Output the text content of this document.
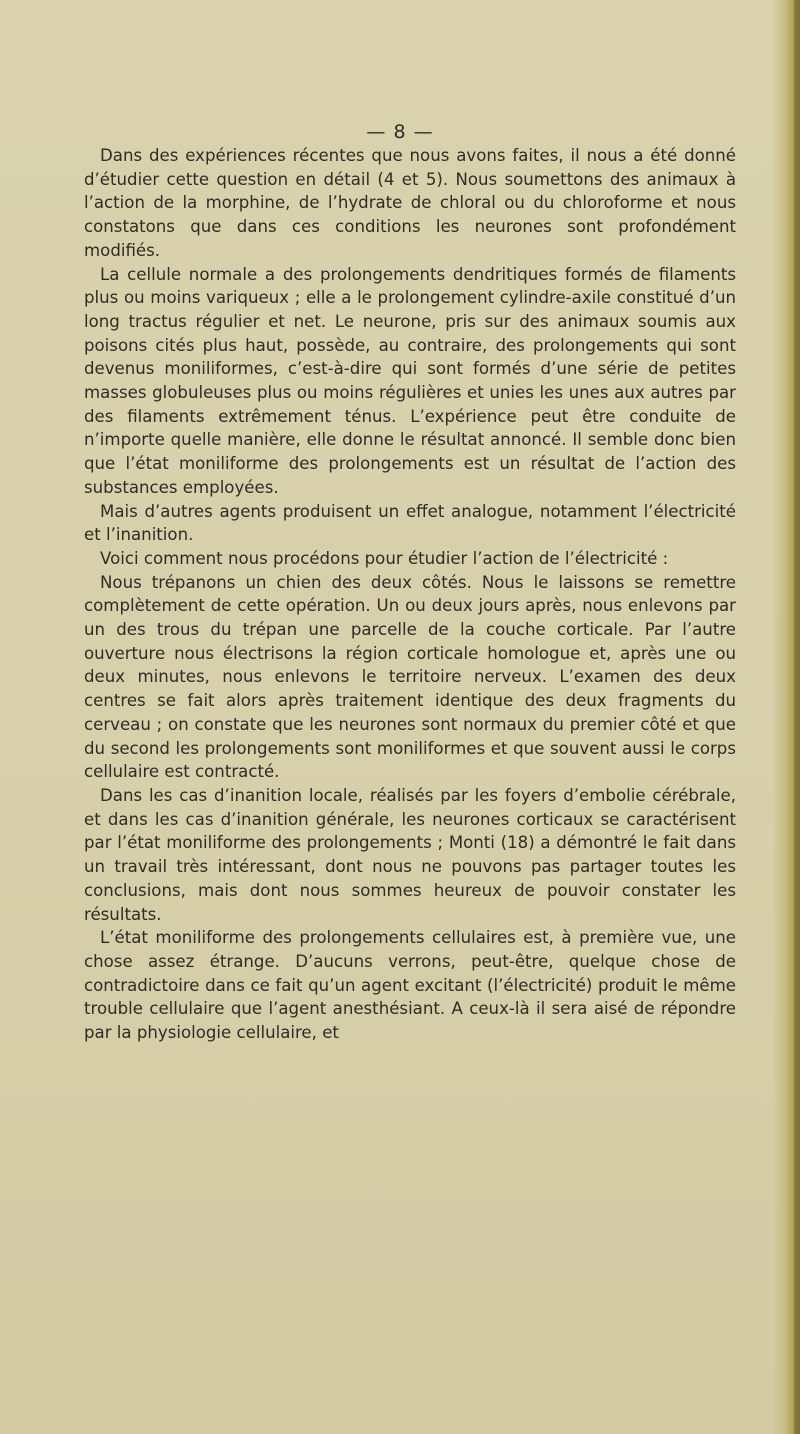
— 8 —

Dans des expériences récentes que nous avons faites, il nous a été donné d’étudier cette question en détail (4 et 5). Nous soumettons des animaux à l’action de la morphine, de l’hydrate de chloral ou du chloroforme et nous constatons que dans ces conditions les neurones sont profondément modifiés.

La cellule normale a des prolongements dendritiques formés de filaments plus ou moins variqueux ; elle a le prolongement cylindre-axile constitué d’un long tractus régulier et net. Le neurone, pris sur des animaux soumis aux poisons cités plus haut, possède, au contraire, des prolongements qui sont devenus moniliformes, c’est-à-dire qui sont formés d’une série de petites masses globuleuses plus ou moins régulières et unies les unes aux autres par des filaments extrêmement ténus. L’expérience peut être conduite de n’importe quelle manière, elle donne le résultat annoncé. Il semble donc bien que l’état moniliforme des prolongements est un résultat de l’action des substances employées.

Mais d’autres agents produisent un effet analogue, notamment l’électricité et l’inanition.

Voici comment nous procédons pour étudier l’action de l’électricité :

Nous trépanons un chien des deux côtés. Nous le laissons se remettre complètement de cette opération. Un ou deux jours après, nous enlevons par un des trous du trépan une parcelle de la couche corticale. Par l’autre ouverture nous électrisons la région corticale homologue et, après une ou deux minutes, nous enlevons le territoire nerveux. L’examen des deux centres se fait alors après traitement identique des deux fragments du cerveau ; on constate que les neurones sont normaux du premier côté et que du second les prolongements sont moniliformes et que souvent aussi le corps cellulaire est contracté.

Dans les cas d’inanition locale, réalisés par les foyers d’embolie cérébrale, et dans les cas d’inanition générale, les neurones corticaux se caractérisent par l’état moniliforme des prolongements ; Monti (18) a démontré le fait dans un travail très intéressant, dont nous ne pouvons pas partager toutes les conclusions, mais dont nous sommes heureux de pouvoir constater les résultats.

L’état moniliforme des prolongements cellulaires est, à première vue, une chose assez étrange. D’aucuns verrons, peut-être, quelque chose de contradictoire dans ce fait qu’un agent excitant (l’électricité) produit le même trouble cellulaire que l’agent anesthésiant. A ceux-là il sera aisé de répondre par la physiologie cellulaire, et
